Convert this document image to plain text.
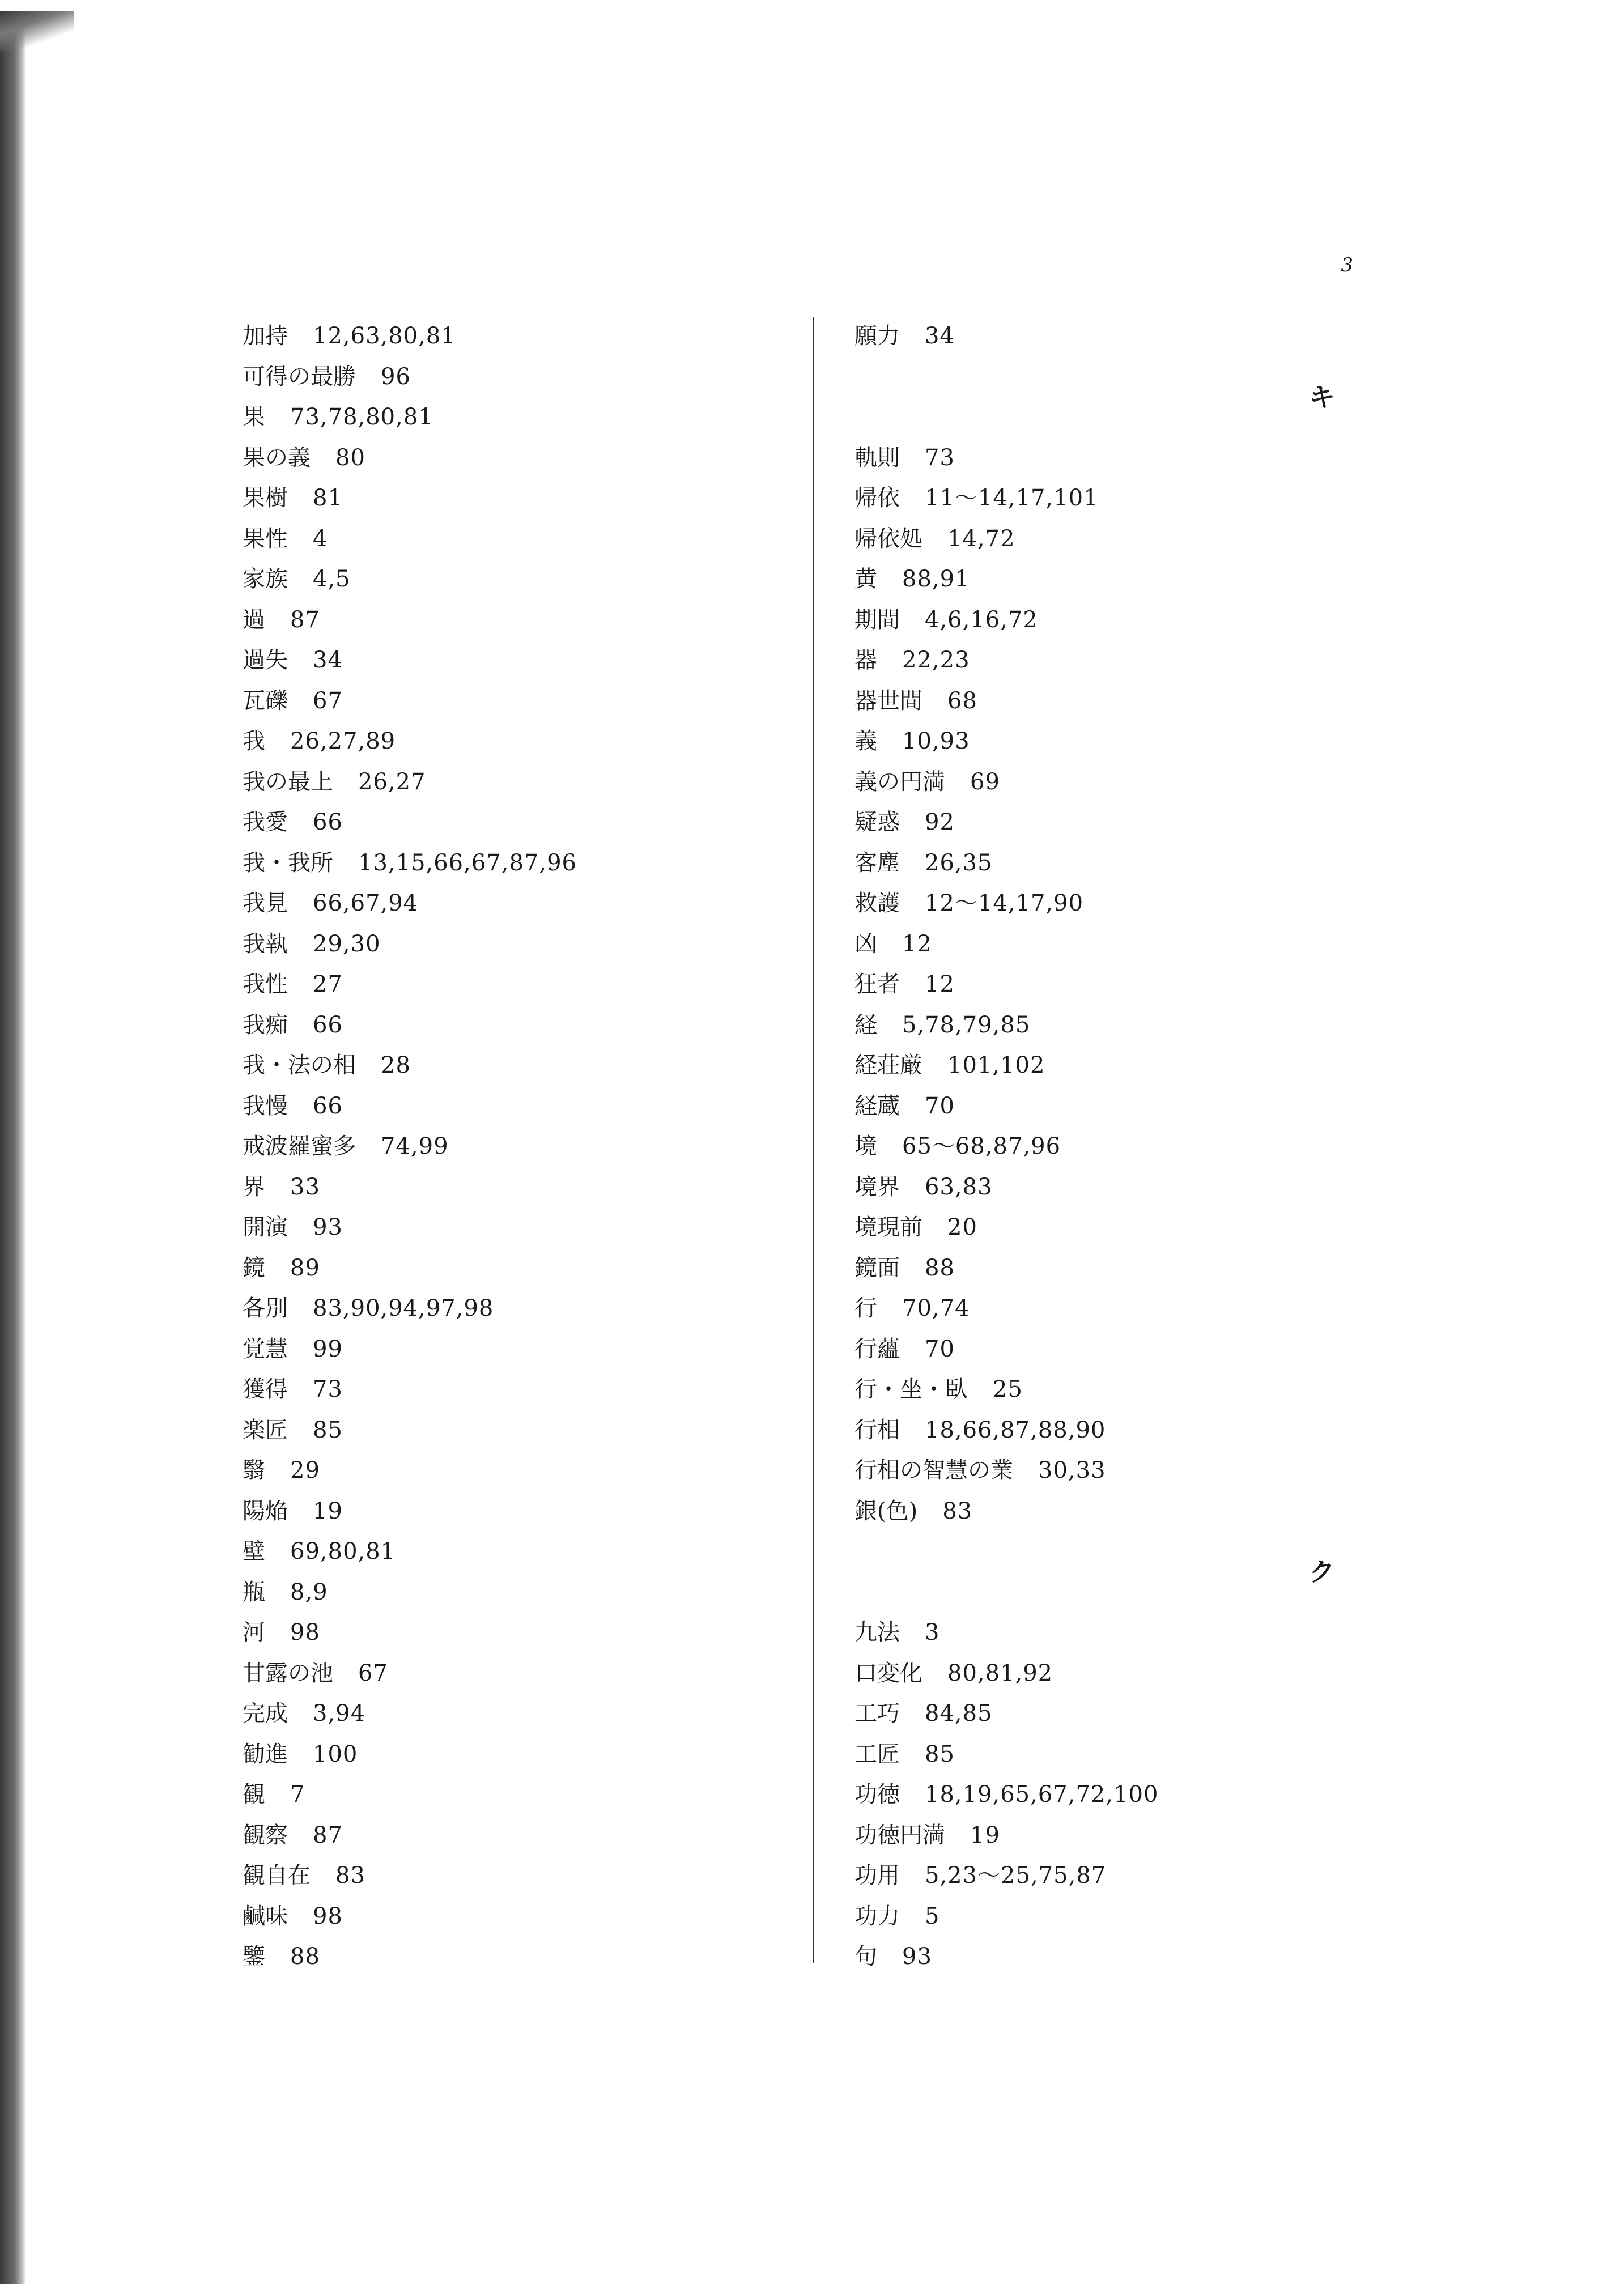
3
加持 12,63,80,81
可得の最勝 96
果 73,78,80,81
果の義 80
果樹 81
果性 4
家族 4,5
過 87
過失 34
瓦礫 67
我 26,27,89
我の最上 26,27
我愛 66
我・我所 13,15,66,67,87,96
我見 66,67,94
我執 29,30
我性 27
我痴 66
我・法の相 28
我慢 66
戒波羅蜜多 74,99
界 33
開演 93
鏡 89
各別 83,90,94,97,98
覚慧 99
獲得 73
楽匠 85
翳 29
陽焔 19
壁 69,80,81
瓶 8,9
河 98
甘露の池 67
完成 3,94
勧進 100
観 7
観察 87
観自在 83
鹹味 98
鑒 88
願力 34
キ
軌則 73
帰依 11〜14,17,101
帰依処 14,72
黄 88,91
期間 4,6,16,72
器 22,23
器世間 68
義 10,93
義の円満 69
疑惑 92
客塵 26,35
救護 12〜14,17,90
凶 12
狂者 12
経 5,78,79,85
経荘厳 101,102
経蔵 70
境 65〜68,87,96
境界 63,83
境現前 20
鏡面 88
行 70,74
行蘊 70
行・坐・臥 25
行相 18,66,87,88,90
行相の智慧の業 30,33
銀(色) 83
ク
九法 3
口変化 80,81,92
工巧 84,85
工匠 85
功徳 18,19,65,67,72,100
功徳円満 19
功用 5,23〜25,75,87
功力 5
句 93
